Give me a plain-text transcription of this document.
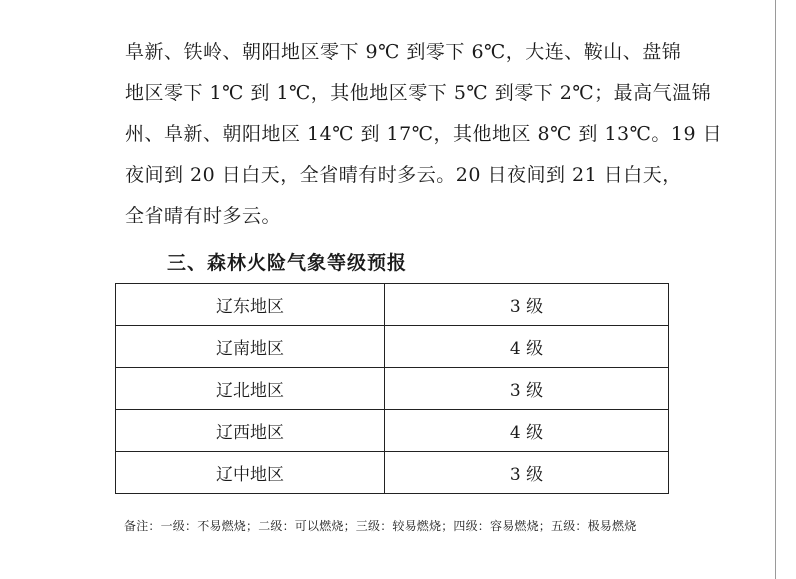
阜新、铁岭、朝阳地区零下 9℃ 到零下 6℃，大连、鞍山、盘锦
地区零下 1℃ 到 1℃，其他地区零下 5℃ 到零下 2℃；最高气温锦
州、阜新、朝阳地区 14℃ 到 17℃，其他地区 8℃ 到 13℃。19 日
夜间到 20 日白天，全省晴有时多云。20 日夜间到 21 日白天，
全省晴有时多云。
三、森林火险气象等级预报
辽东地区	3 级
辽南地区	4 级
辽北地区	3 级
辽西地区	4 级
辽中地区	3 级
备注：一级：不易燃烧；二级：可以燃烧；三级：较易燃烧；四级：容易燃烧；五级：极易燃烧
